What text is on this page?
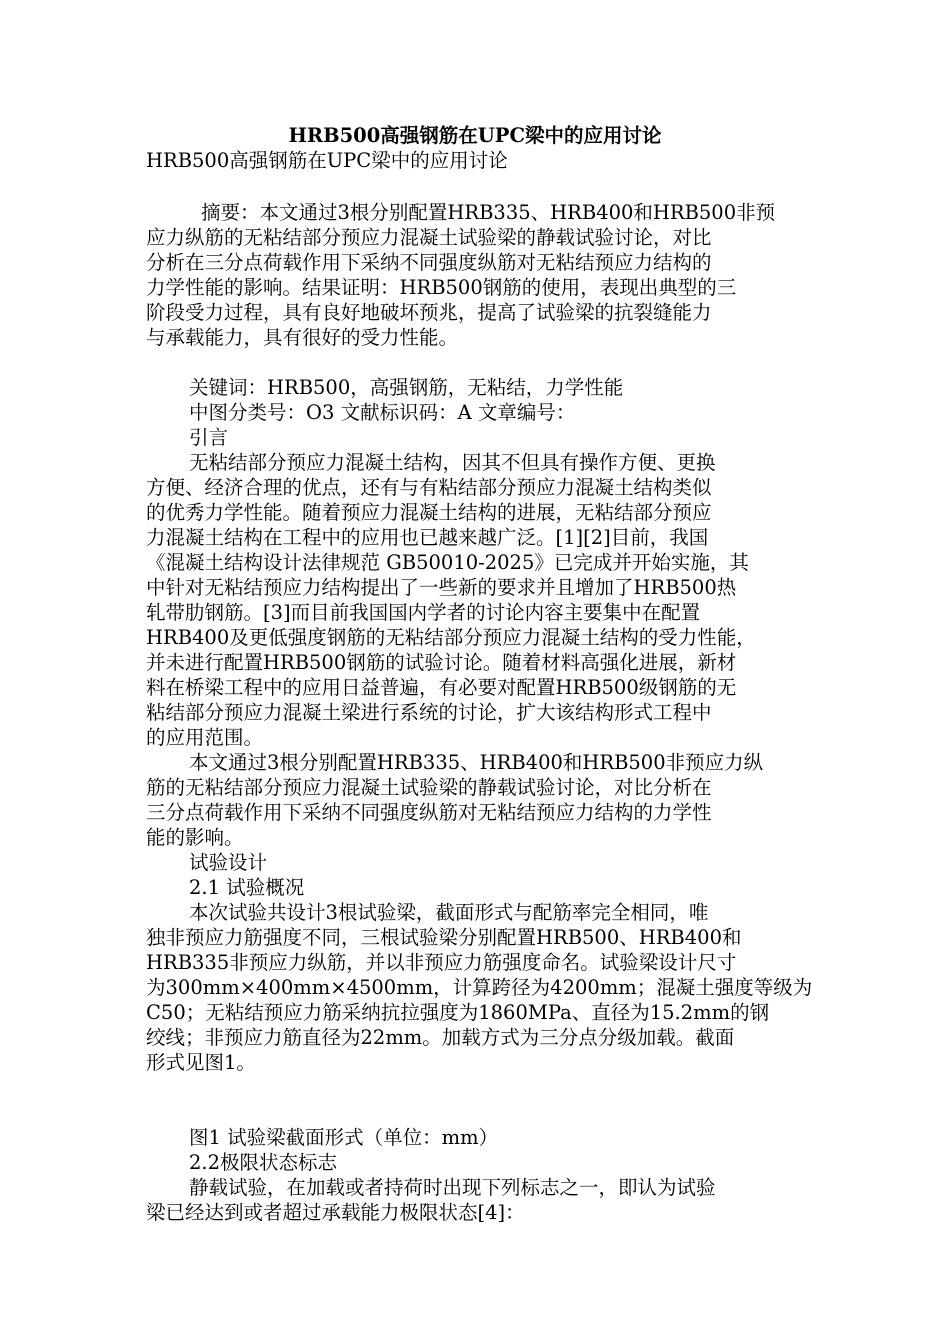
HRB500高强钢筋在UPC梁中的应用讨论
HRB500高强钢筋在UPC梁中的应用讨论
摘要：本文通过3根分别配置HRB335、HRB400和HRB500非预
应力纵筋的无粘结部分预应力混凝土试验梁的静载试验讨论，对比
分析在三分点荷载作用下采纳不同强度纵筋对无粘结预应力结构的
力学性能的影响。结果证明：HRB500钢筋的使用，表现出典型的三
阶段受力过程，具有良好地破坏预兆，提高了试验梁的抗裂缝能力
与承载能力，具有很好的受力性能。
关键词：HRB500，高强钢筋，无粘结，力学性能
中图分类号：O3 文献标识码：A 文章编号：
引言
无粘结部分预应力混凝土结构，因其不但具有操作方便、更换
方便、经济合理的优点，还有与有粘结部分预应力混凝土结构类似
的优秀力学性能。随着预应力混凝土结构的进展，无粘结部分预应
力混凝土结构在工程中的应用也已越来越广泛。[1][2]目前，我国
《混凝土结构设计法律规范 GB50010-2025》已完成并开始实施，其
中针对无粘结预应力结构提出了一些新的要求并且增加了HRB500热
轧带肋钢筋。[3]而目前我国国内学者的讨论内容主要集中在配置
HRB400及更低强度钢筋的无粘结部分预应力混凝土结构的受力性能，
并未进行配置HRB500钢筋的试验讨论。随着材料高强化进展，新材
料在桥梁工程中的应用日益普遍，有必要对配置HRB500级钢筋的无
粘结部分预应力混凝土梁进行系统的讨论，扩大该结构形式工程中
的应用范围。
本文通过3根分别配置HRB335、HRB400和HRB500非预应力纵
筋的无粘结部分预应力混凝土试验梁的静载试验讨论，对比分析在
三分点荷载作用下采纳不同强度纵筋对无粘结预应力结构的力学性
能的影响。
试验设计
2.1 试验概况
本次试验共设计3根试验梁，截面形式与配筋率完全相同，唯
独非预应力筋强度不同，三根试验梁分别配置HRB500、HRB400和
HRB335非预应力纵筋，并以非预应力筋强度命名。试验梁设计尺寸
为300mm×400mm×4500mm，计算跨径为4200mm；混凝土强度等级为
C50；无粘结预应力筋采纳抗拉强度为1860MPa、直径为15.2mm的钢
绞线；非预应力筋直径为22mm。加载方式为三分点分级加载。截面
形式见图1。
图1 试验梁截面形式（单位：mm）
2.2极限状态标志
静载试验，在加载或者持荷时出现下列标志之一，即认为试验
梁已经达到或者超过承载能力极限状态[4]：
